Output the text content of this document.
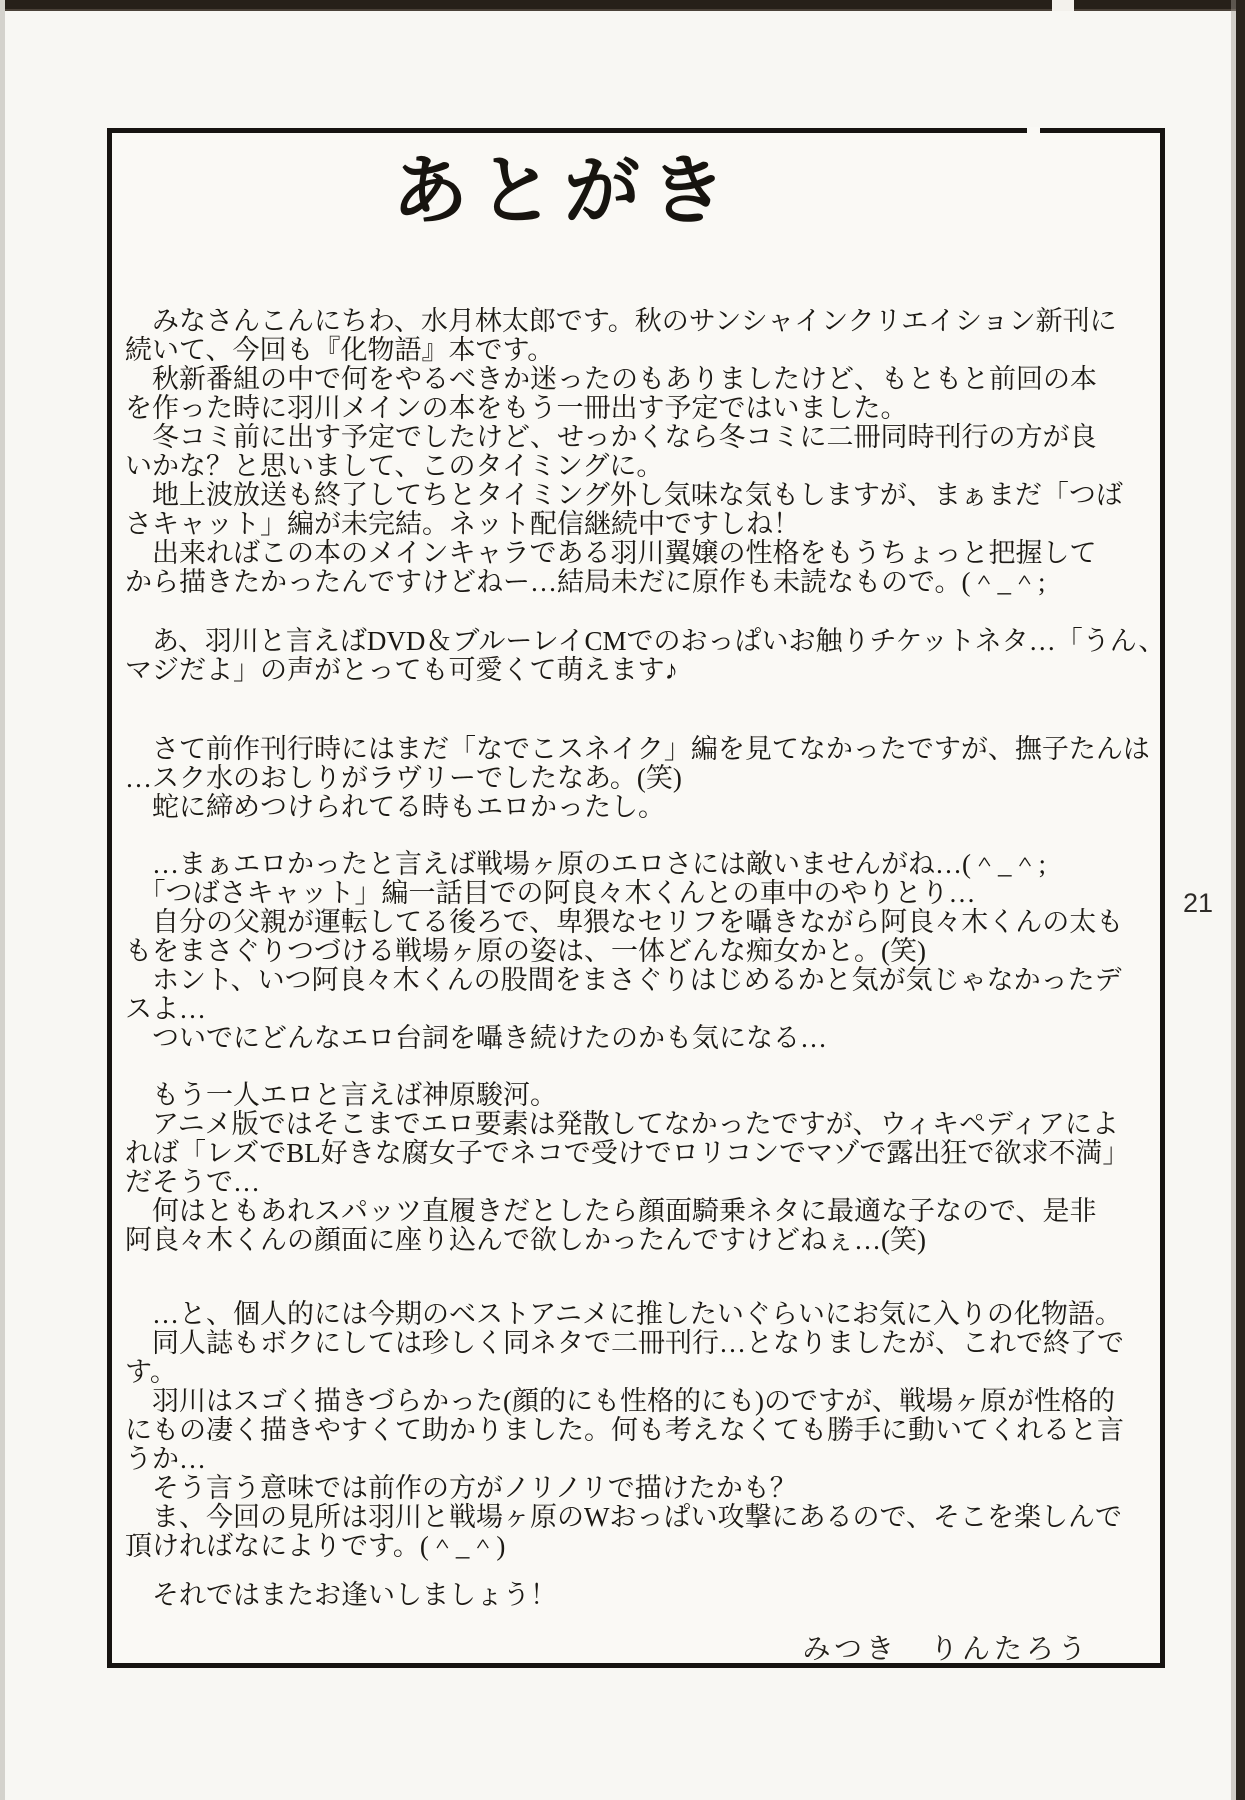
あとがき
　みなさんこんにちわ、水月林太郎です。秋のサンシャインクリエイション新刊に
続いて、今回も『化物語』本です。
　秋新番組の中で何をやるべきか迷ったのもありましたけど、もともと前回の本
を作った時に羽川メインの本をもう一冊出す予定ではいました。
　冬コミ前に出す予定でしたけど、せっかくなら冬コミに二冊同時刊行の方が良
いかな？と思いまして、このタイミングに。
　地上波放送も終了してちとタイミング外し気味な気もしますが、まぁまだ「つば
さキャット」編が未完結。ネット配信継続中ですしね！
　出来ればこの本のメインキャラである羽川翼嬢の性格をもうちょっと把握して
から描きたかったんですけどねー…結局未だに原作も未読なもので。(＾_＾;
　あ、羽川と言えばDVD＆ブルーレイCMでのおっぱいお触りチケットネタ…「うん、
マジだよ」の声がとっても可愛くて萌えます♪
　さて前作刊行時にはまだ「なでこスネイク」編を見てなかったですが、撫子たんは
…スク水のおしりがラヴリーでしたなあ。(笑)
　蛇に締めつけられてる時もエロかったし。
　…まぁエロかったと言えば戦場ヶ原のエロさには敵いませんがね…(＾_＾;
　「つばさキャット」編一話目での阿良々木くんとの車中のやりとり…
　自分の父親が運転してる後ろで、卑猥なセリフを囁きながら阿良々木くんの太も
もをまさぐりつづける戦場ヶ原の姿は、一体どんな痴女かと。(笑)
　ホント、いつ阿良々木くんの股間をまさぐりはじめるかと気が気じゃなかったデ
スよ…
　ついでにどんなエロ台詞を囁き続けたのかも気になる…
　もう一人エロと言えば神原駿河。
　アニメ版ではそこまでエロ要素は発散してなかったですが、ウィキペディアによ
れば「レズでBL好きな腐女子でネコで受けでロリコンでマゾで露出狂で欲求不満」
だそうで…
　何はともあれスパッツ直履きだとしたら顔面騎乗ネタに最適な子なので、是非
阿良々木くんの顔面に座り込んで欲しかったんですけどねぇ…(笑)
　…と、個人的には今期のベストアニメに推したいぐらいにお気に入りの化物語。
　同人誌もボクにしては珍しく同ネタで二冊刊行…となりましたが、これで終了で
す。
　羽川はスゴく描きづらかった(顔的にも性格的にも)のですが、戦場ヶ原が性格的
にもの凄く描きやすくて助かりました。何も考えなくても勝手に動いてくれると言
うか…
　そう言う意味では前作の方がノリノリで描けたかも？
　ま、今回の見所は羽川と戦場ヶ原のWおっぱい攻撃にあるので、そこを楽しんで
頂ければなによりです。(＾_＾)
　それではまたお逢いしましょう！
みつき　りんたろう
21
